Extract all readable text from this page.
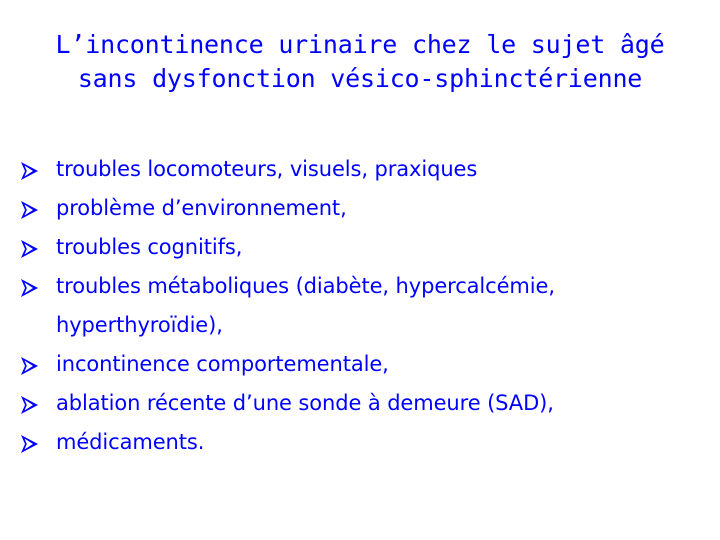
L’incontinence urinaire chez le sujet âgé
sans dysfonction vésico-sphinctérienne
troubles locomoteurs, visuels, praxiques
problème d’environnement,
troubles cognitifs,
troubles métaboliques (diabète, hypercalcémie,
hyperthyroïdie),
incontinence comportementale,
ablation récente d’une sonde à demeure (SAD),
médicaments.
